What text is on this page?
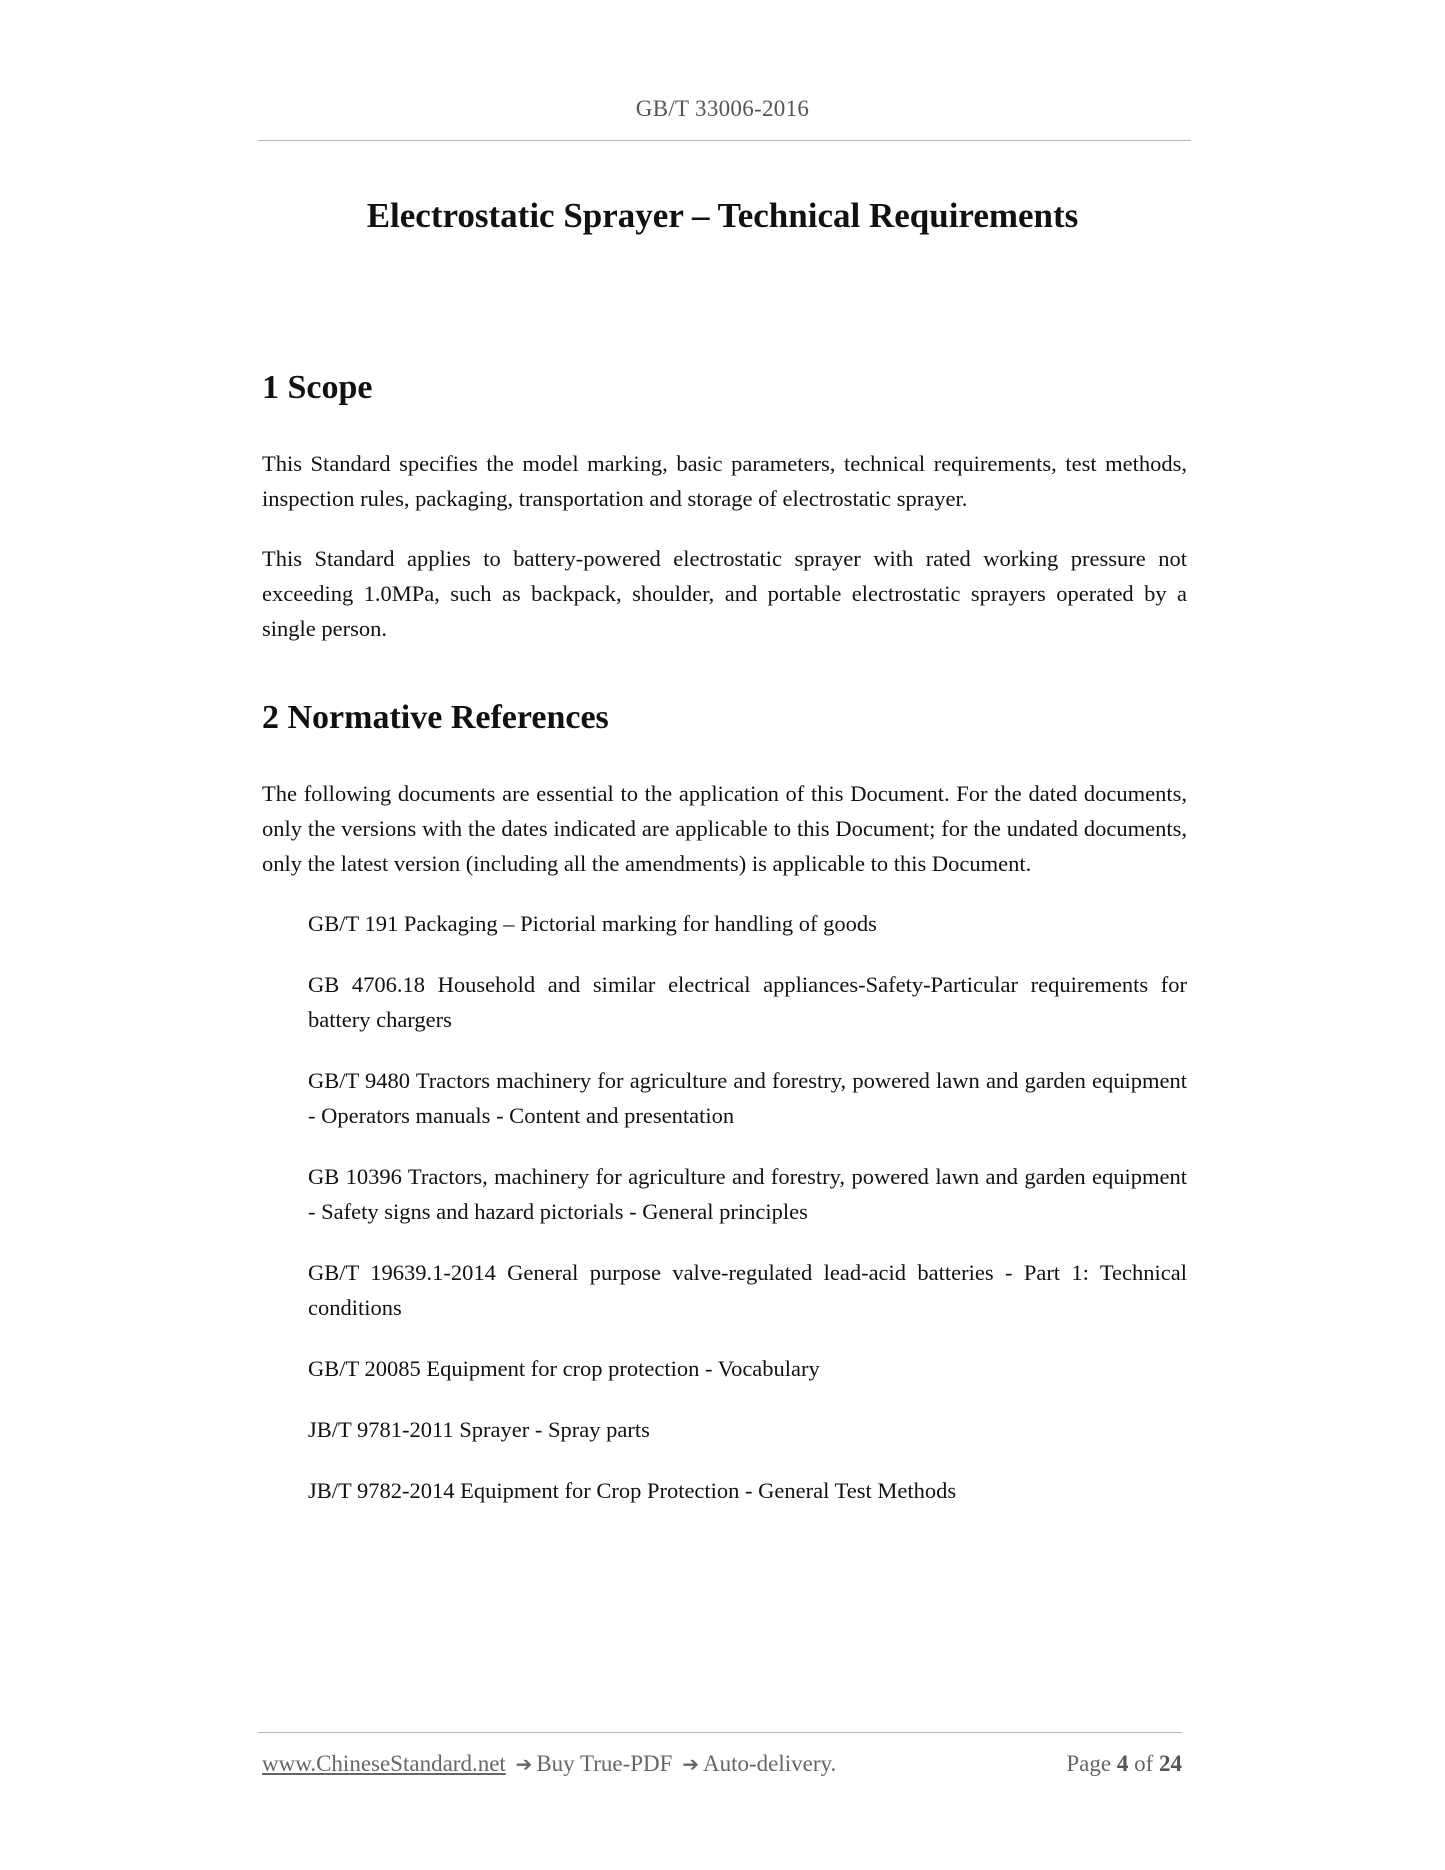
GB/T 33006-2016
Electrostatic Sprayer – Technical Requirements
1 Scope

This Standard specifies the model marking, basic parameters, technical requirements, test methods, inspection rules, packaging, transportation and storage of electrostatic sprayer.

This Standard applies to battery-powered electrostatic sprayer with rated working pressure not exceeding 1.0MPa, such as backpack, shoulder, and portable electrostatic sprayers operated by a single person.

2 Normative References

The following documents are essential to the application of this Document. For the dated documents, only the versions with the dates indicated are applicable to this Document; for the undated documents, only the latest version (including all the amendments) is applicable to this Document.

GB/T 191 Packaging – Pictorial marking for handling of goods
GB 4706.18 Household and similar electrical appliances-Safety-Particular requirements for battery chargers
GB/T 9480 Tractors machinery for agriculture and forestry, powered lawn and garden equipment - Operators manuals - Content and presentation
GB 10396 Tractors, machinery for agriculture and forestry, powered lawn and garden equipment - Safety signs and hazard pictorials - General principles
GB/T 19639.1-2014 General purpose valve-regulated lead-acid batteries - Part 1: Technical conditions
GB/T 20085 Equipment for crop protection - Vocabulary
JB/T 9781-2011 Sprayer - Spray parts
JB/T 9782-2014 Equipment for Crop Protection - General Test Methods
www.ChineseStandard.net ➔ Buy True-PDF ➔ Auto-delivery.	Page 4 of 24
